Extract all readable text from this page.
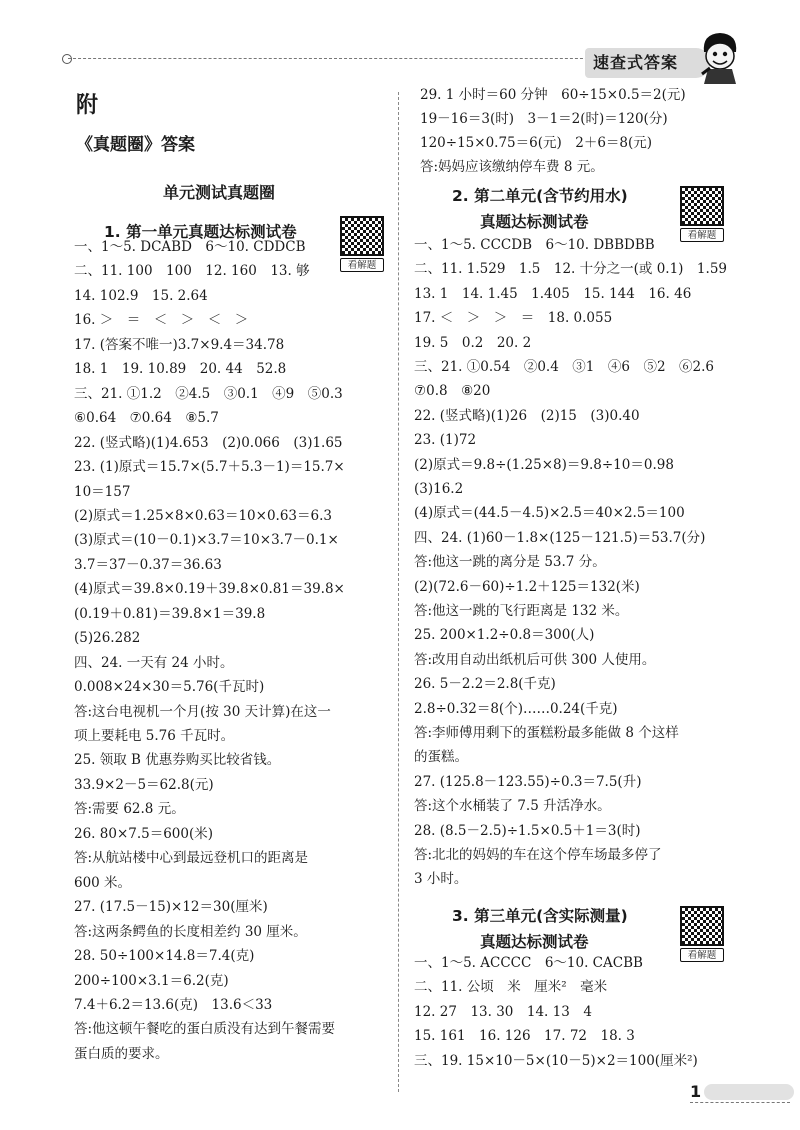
速查式答案
附
《真题圈》答案
单元测试真题圈
1. 第一单元真题达标测试卷
看解题
一、1～5. DCABD　6～10. CDDCB
二、11. 100　100　12. 160　13. 够
14. 102.9　15. 2.64
16. ＞　＝　＜　＞　＜　＞
17. (答案不唯一)3.7×9.4＝34.78
18. 1　19. 10.89　20. 44　52.8
三、21. ①1.2　②4.5　③0.1　④9　⑤0.3
⑥0.64　⑦0.64　⑧5.7
22. (竖式略)(1)4.653　(2)0.066　(3)1.65
23. (1)原式＝15.7×(5.7＋5.3－1)＝15.7×
10＝157
(2)原式＝1.25×8×0.63＝10×0.63＝6.3
(3)原式＝(10－0.1)×3.7＝10×3.7－0.1×
3.7＝37－0.37＝36.63
(4)原式＝39.8×0.19＋39.8×0.81＝39.8×
(0.19＋0.81)＝39.8×1＝39.8
(5)26.282
四、24. 一天有 24 小时。
0.008×24×30＝5.76(千瓦时)
答:这台电视机一个月(按 30 天计算)在这一
项上要耗电 5.76 千瓦时。
25. 领取 B 优惠券购买比较省钱。
33.9×2－5＝62.8(元)
答:需要 62.8 元。
26. 80×7.5＝600(米)
答:从航站楼中心到最远登机口的距离是
600 米。
27. (17.5－15)×12＝30(厘米)
答:这两条鳄鱼的长度相差约 30 厘米。
28. 50÷100×14.8＝7.4(克)
200÷100×3.1＝6.2(克)
7.4＋6.2＝13.6(克)　13.6＜33
答:他这顿午餐吃的蛋白质没有达到午餐需要
蛋白质的要求。
29. 1 小时＝60 分钟　60÷15×0.5＝2(元)
19－16＝3(时)　3－1＝2(时)＝120(分)
120÷15×0.75＝6(元)　2＋6＝8(元)
答:妈妈应该缴纳停车费 8 元。
2. 第二单元(含节约用水)
真题达标测试卷
看解题
一、1～5. CCCDB　6～10. DBBDBB
二、11. 1.529　1.5　12. 十分之一(或 0.1)　1.59
13. 1　14. 1.45　1.405　15. 144　16. 46
17. ＜　＞　＞　＝　18. 0.055
19. 5　0.2　20. 2
三、21. ①0.54　②0.4　③1　④6　⑤2　⑥2.6
⑦0.8　⑧20
22. (竖式略)(1)26　(2)15　(3)0.40
23. (1)72
(2)原式＝9.8÷(1.25×8)＝9.8÷10＝0.98
(3)16.2
(4)原式＝(44.5－4.5)×2.5＝40×2.5＝100
四、24. (1)60－1.8×(125－121.5)＝53.7(分)
答:他这一跳的离分是 53.7 分。
(2)(72.6－60)÷1.2＋125＝132(米)
答:他这一跳的飞行距离是 132 米。
25. 200×1.2÷0.8＝300(人)
答:改用自动出纸机后可供 300 人使用。
26. 5－2.2＝2.8(千克)
2.8÷0.32＝8(个)……0.24(千克)
答:李师傅用剩下的蛋糕粉最多能做 8 个这样
的蛋糕。
27. (125.8－123.55)÷0.3＝7.5(升)
答:这个水桶装了 7.5 升活净水。
28. (8.5－2.5)÷1.5×0.5＋1＝3(时)
答:北北的妈妈的车在这个停车场最多停了
3 小时。
3. 第三单元(含实际测量)
真题达标测试卷
看解题
一、1～5. ACCCC　6～10. CACBB
二、11. 公顷　米　厘米²　毫米
12. 27　13. 30　14. 13　4
15. 161　16. 126　17. 72　18. 3
三、19. 15×10－5×(10－5)×2＝100(厘米²)
1
